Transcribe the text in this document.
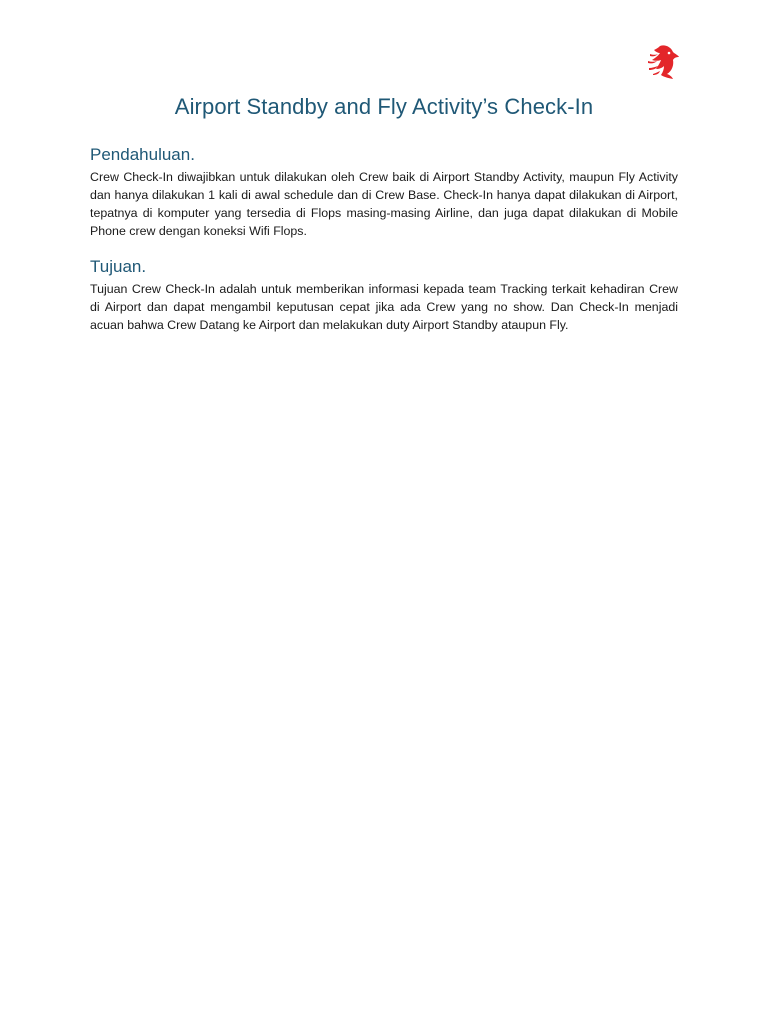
Airport Standby and Fly Activity’s Check-In
Pendahuluan.

Crew Check-In diwajibkan untuk dilakukan oleh Crew baik di Airport Standby Activity, maupun Fly Activity dan hanya dilakukan 1 kali di awal schedule dan di Crew Base. Check-In hanya dapat dilakukan di Airport, tepatnya di komputer yang tersedia di Flops masing-masing Airline, dan juga dapat dilakukan di Mobile Phone crew dengan koneksi Wifi Flops.

Tujuan.

Tujuan Crew Check-In adalah untuk memberikan informasi kepada team Tracking terkait kehadiran Crew di Airport dan dapat mengambil keputusan cepat jika ada Crew yang no show. Dan Check-In menjadi acuan bahwa Crew Datang ke Airport dan melakukan duty Airport Standby ataupun Fly.
